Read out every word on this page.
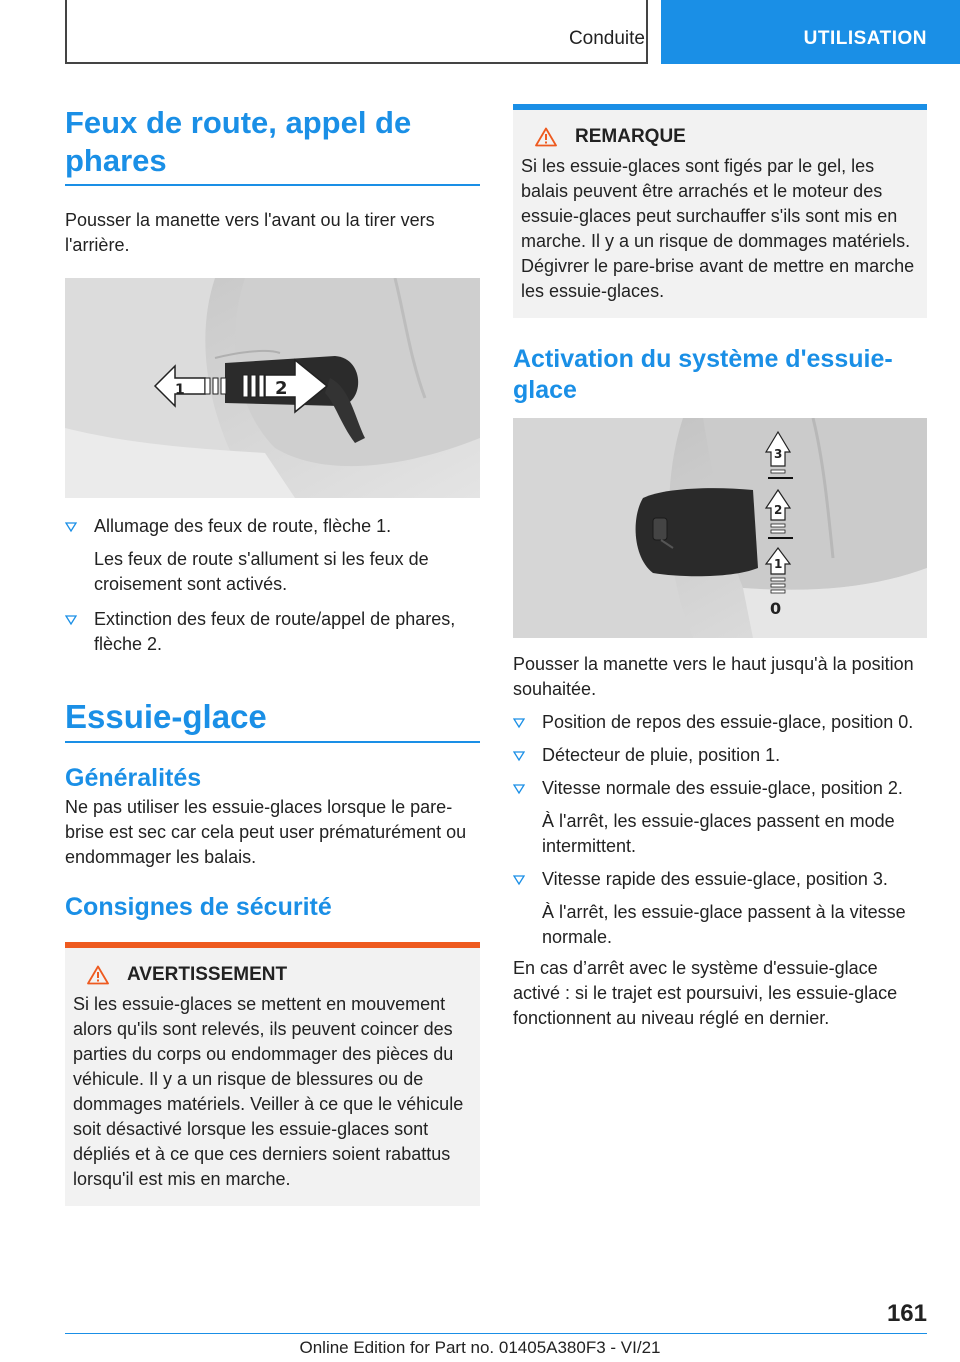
Conduite	UTILISATION
Feux de route, appel de phares
Pousser la manette vers l'avant ou la tirer vers l'arrière.
1	2
Allumage des feux de route, flèche 1.
Les feux de route s'allument si les feux de croisement sont activés.
Extinction des feux de route/appel de phares, flèche 2.
Essuie-glace
Généralités
Ne pas utiliser les essuie-glaces lorsque le pare-brise est sec car cela peut user prématurément ou endommager les balais.
Consignes de sécurité
AVERTISSEMENT
Si les essuie-glaces se mettent en mouvement alors qu'ils sont relevés, ils peuvent coincer des parties du corps ou endommager des pièces du véhicule. Il y a un risque de blessures ou de dommages matériels. Veiller à ce que le véhicule soit désactivé lorsque les essuie-glaces sont dépliés et à ce que ces derniers soient rabattus lorsqu'il est mis en marche.
REMARQUE
Si les essuie-glaces sont figés par le gel, les balais peuvent être arrachés et le moteur des essuie-glaces peut surchauffer s'ils sont mis en marche. Il y a un risque de dommages matériels. Dégivrer le pare-brise avant de mettre en marche les essuie-glaces.
Activation du système d'essuie-glace
1
2
3
0
Pousser la manette vers le haut jusqu'à la position souhaitée.
Position de repos des essuie-glace, position 0.
Détecteur de pluie, position 1.
Vitesse normale des essuie-glace, position 2.
À l'arrêt, les essuie-glaces passent en mode intermittent.
Vitesse rapide des essuie-glace, position 3.
À l'arrêt, les essuie-glace passent à la vitesse normale.
En cas d’arrêt avec le système d'essuie-glace activé : si le trajet est poursuivi, les essuie-glace fonctionnent au niveau réglé en dernier.
161
Online Edition for Part no. 01405A380F3 - VI/21
